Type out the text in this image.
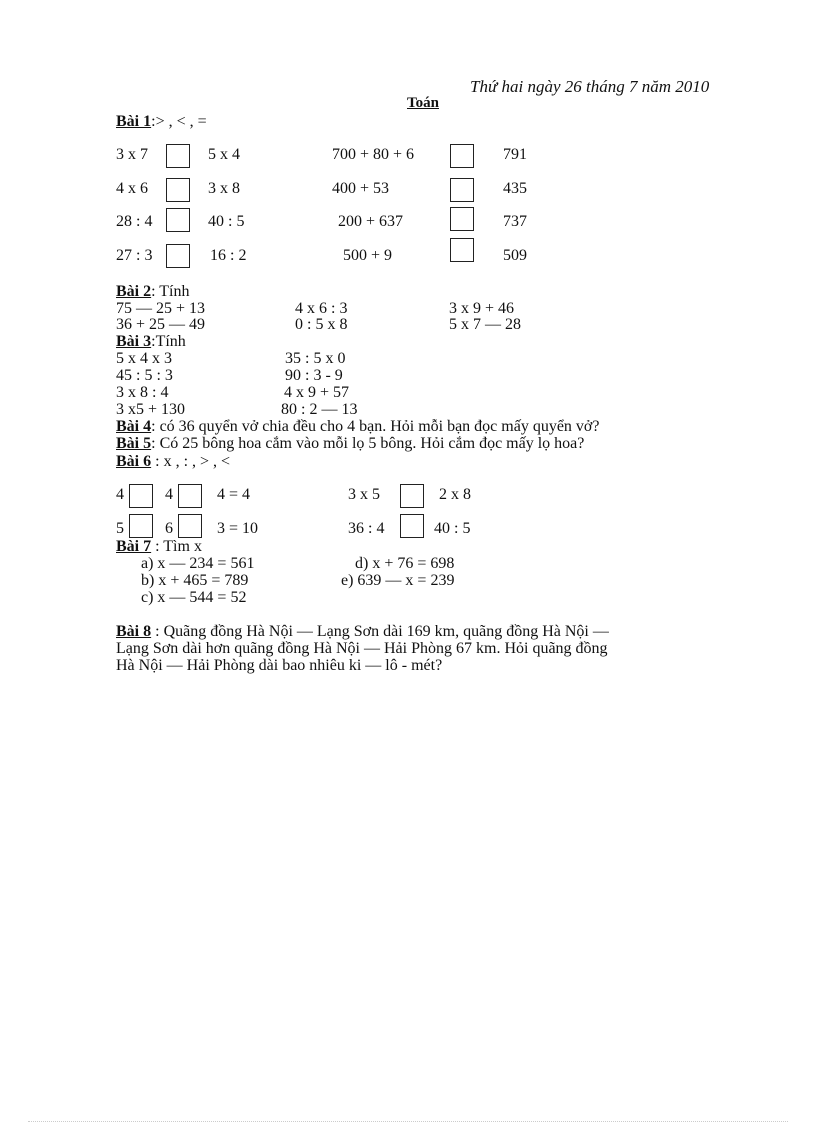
Thứ hai ngày 26 tháng 7 năm 2010
Toán
Bài 1:> , < , =
3 x 7	5 x 4	700 + 80 + 6	791
4 x 6	3 x 8	400 + 53	435
28 : 4	40 : 5	200 + 637	737
27 : 3	16 : 2	500 + 9	509
Bài 2: Tính
75 — 25 + 13	4 x 6 : 3	3 x 9 + 46
36 + 25 — 49	0 : 5 x 8	5 x 7 — 28
Bài 3:Tính
5 x 4 x 3	35 : 5 x 0
45 : 5 : 3	90 : 3 - 9
3 x 8 : 4	4 x 9 + 57
3 x5 + 130	80 : 2 — 13
Bài 4: có 36 quyển vở chia đều cho 4 bạn. Hỏi mỗi bạn đọc mấy quyển vở?
Bài 5: Có 25 bông hoa cắm vào mỗi lọ 5 bông. Hỏi cắm đọc mấy lọ hoa?
Bài 6 : x , : , > , <
4	4	4 = 4	3 x 5	2 x 8
5	6	3 = 10	36 : 4	40 : 5
Bài 7 : Tìm x
a) x — 234 = 561	d) x + 76 = 698
b) x + 465 = 789	e) 639 — x = 239
c) x — 544 = 52
Bài 8 : Quãng đồng Hà Nội — Lạng Sơn dài 169 km, quãng đồng Hà Nội —
Lạng Sơn dài hơn quãng đồng Hà Nội — Hải Phòng 67 km. Hỏi quãng đồng
Hà Nội — Hải Phòng dài bao nhiêu ki — lô - mét?
